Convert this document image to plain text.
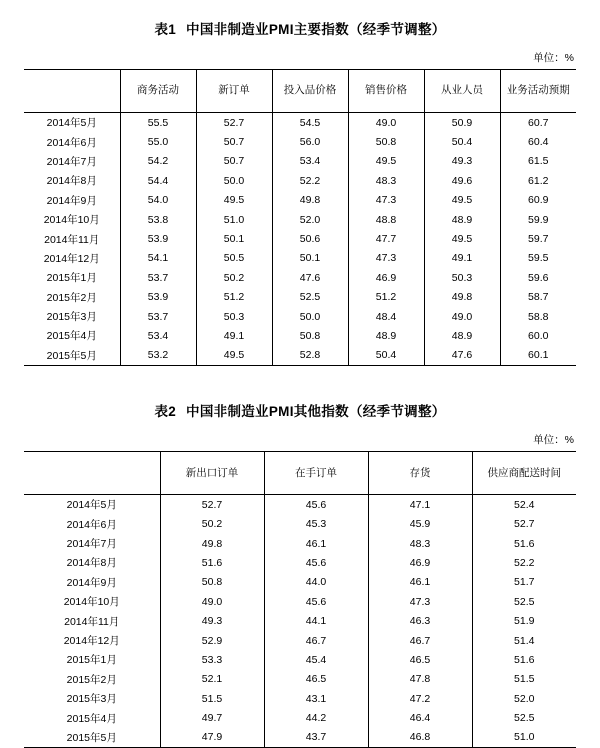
表1 中国非制造业PMI主要指数（经季节调整）
单位：%
	商务活动	新订单	投入品价格	销售价格	从业人员	业务活动预期
2014年5月	55.5	52.7	54.5	49.0	50.9	60.7
2014年6月	55.0	50.7	56.0	50.8	50.4	60.4
2014年7月	54.2	50.7	53.4	49.5	49.3	61.5
2014年8月	54.4	50.0	52.2	48.3	49.6	61.2
2014年9月	54.0	49.5	49.8	47.3	49.5	60.9
2014年10月	53.8	51.0	52.0	48.8	48.9	59.9
2014年11月	53.9	50.1	50.6	47.7	49.5	59.7
2014年12月	54.1	50.5	50.1	47.3	49.1	59.5
2015年1月	53.7	50.2	47.6	46.9	50.3	59.6
2015年2月	53.9	51.2	52.5	51.2	49.8	58.7
2015年3月	53.7	50.3	50.0	48.4	49.0	58.8
2015年4月	53.4	49.1	50.8	48.9	48.9	60.0
2015年5月	53.2	49.5	52.8	50.4	47.6	60.1
表2 中国非制造业PMI其他指数（经季节调整）
单位：%
	新出口订单	在手订单	存货	供应商配送时间
2014年5月	52.7	45.6	47.1	52.4
2014年6月	50.2	45.3	45.9	52.7
2014年7月	49.8	46.1	48.3	51.6
2014年8月	51.6	45.6	46.9	52.2
2014年9月	50.8	44.0	46.1	51.7
2014年10月	49.0	45.6	47.3	52.5
2014年11月	49.3	44.1	46.3	51.9
2014年12月	52.9	46.7	46.7	51.4
2015年1月	53.3	45.4	46.5	51.6
2015年2月	52.1	46.5	47.8	51.5
2015年3月	51.5	43.1	47.2	52.0
2015年4月	49.7	44.2	46.4	52.5
2015年5月	47.9	43.7	46.8	51.0
